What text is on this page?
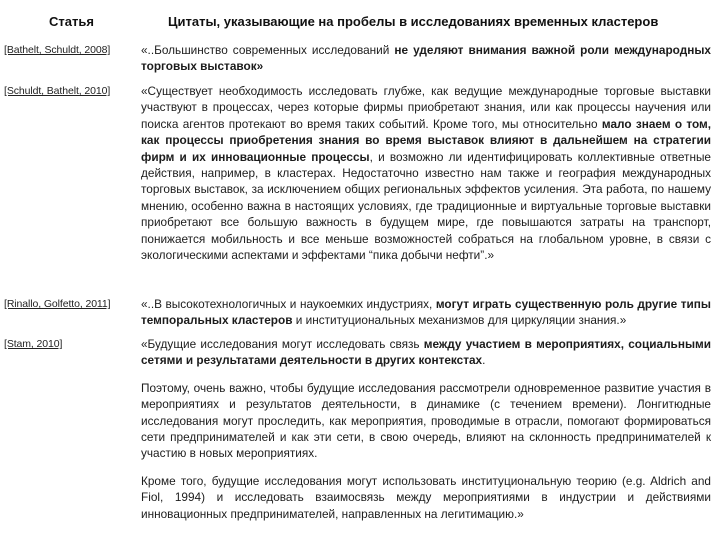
Статья	Цитаты, указывающие на пробелы в исследованиях временных кластеров
[Bathelt, Schuldt, 2008]	«..Большинство современных исследований не уделяют внимания важной роли международных торговых выставок»

[Schuldt, Bathelt, 2010]	«Существует необходимость исследовать глубже, как ведущие международные торговые выставки участвуют в процессах, через которые фирмы приобретают знания, или как процессы научения или поиска агентов протекают во время таких событий. Кроме того, мы относительно мало знаем о том, как процессы приобретения знания во время выставок влияют в дальнейшем на стратегии фирм и их инновационные процессы, и возможно ли идентифицировать коллективные ответные действия, например, в кластерах. Недостаточно известно нам также и география международных торговых выставок, за исключением общих региональных эффектов усиления. Эта работа, по нашему мнению, особенно важна в настоящих условиях, где традиционные и виртуальные торговые выставки приобретают все большую важность в будущем мире, где повышаются затраты на транспорт, понижается мобильность и все меньше возможностей собраться на глобальном уровне, в связи с экологическими аспектами и эффектами “пика добычи нефти”.»

[Rinallo, Golfetto, 2011]	«..В высокотехнологичных и наукоемких индустриях, могут играть существенную роль другие типы темпоральных кластеров и институциональных механизмов для циркуляции знания.»

[Stam, 2010]	«Будущие исследования могут исследовать связь между участием в мероприятиях, социальными сетями и результатами деятельности в других контекстах.

Поэтому, очень важно, чтобы будущие исследования рассмотрели одновременное развитие участия в мероприятиях и результатов деятельности, в динамике (с течением времени). Лонгитюдные исследования могут проследить, как мероприятия, проводимые в отрасли, помогают формироваться сети предпринимателей и как эти сети, в свою очередь, влияют на склонность предпринимателей к участию в новых мероприятиях.

Кроме того, будущие исследования могут использовать институциональную теорию (e.g. Aldrich and Fiol, 1994) и исследовать взаимосвязь между мероприятиями в индустрии и действиями инновационных предпринимателей, направленных на легитимацию.»
